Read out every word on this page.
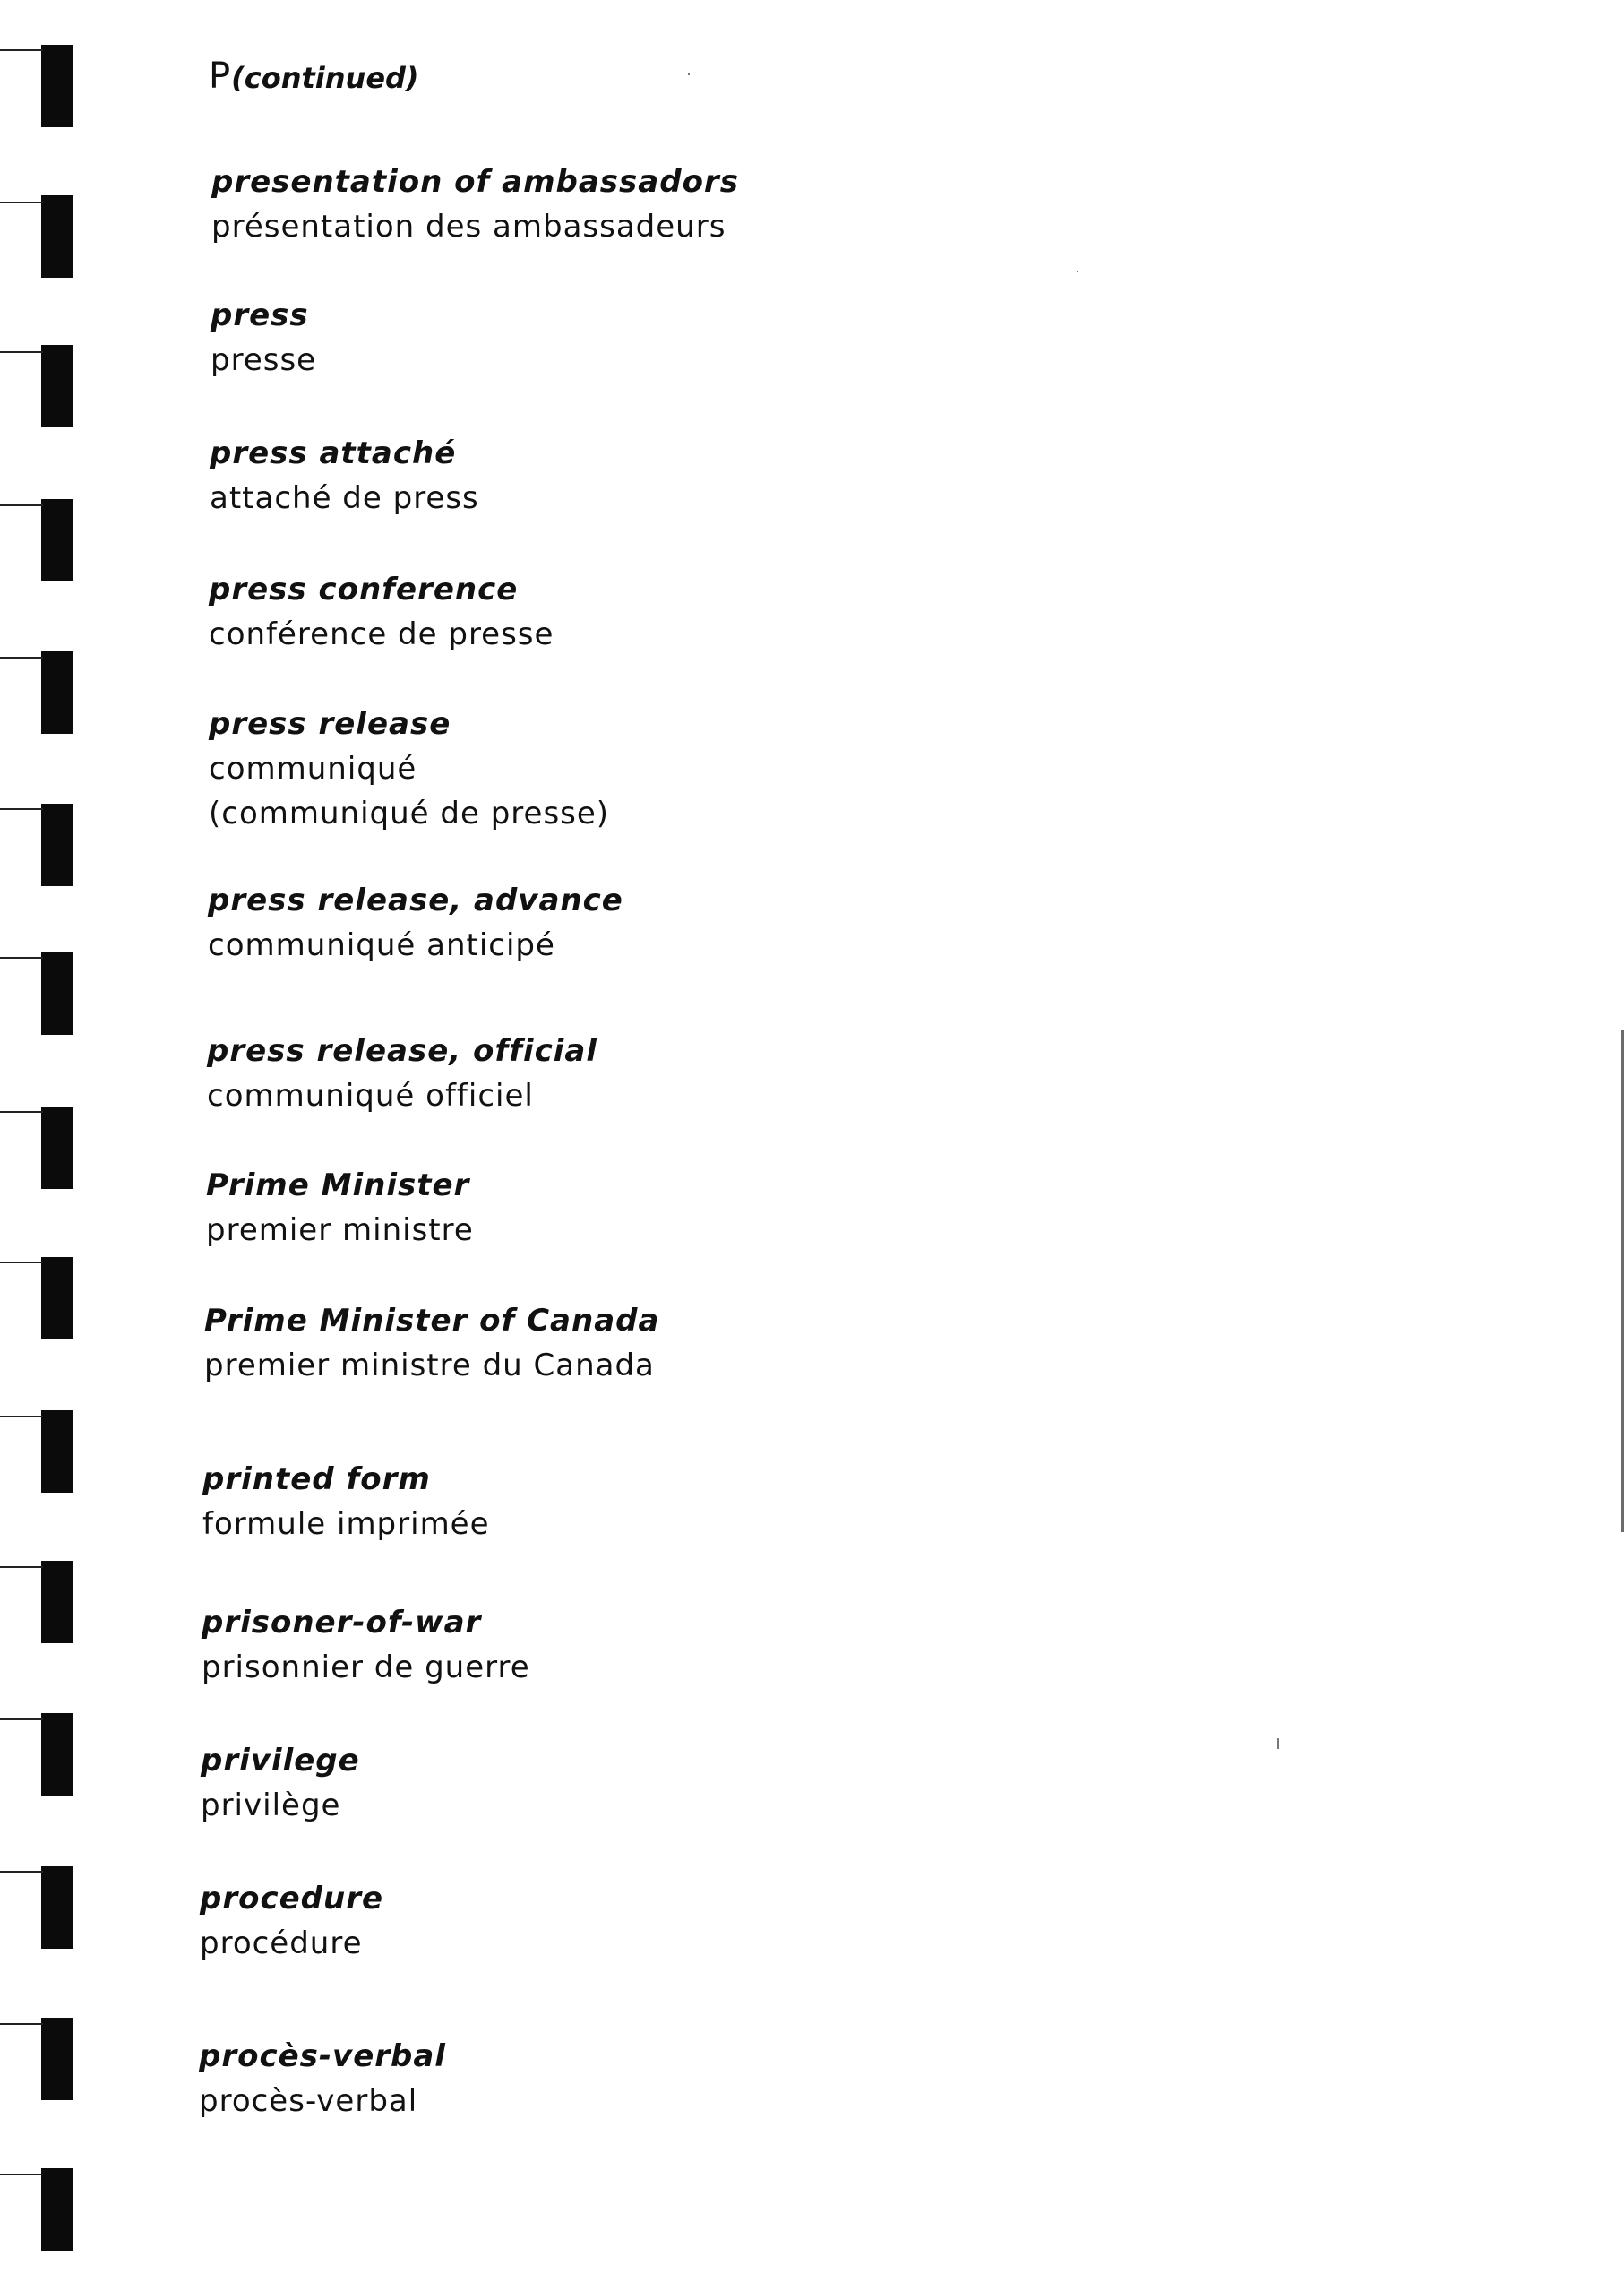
P(continued)
presentation of ambassadors
présentation des ambassadeurs
press
presse
press attaché
attaché de press
press conference
conférence de presse
press release
communiqué
(communiqué de presse)
press release, advance
communiqué anticipé
press release, official
communiqué officiel
Prime Minister
premier ministre
Prime Minister of Canada
premier ministre du Canada
printed form
formule imprimée
prisoner-of-war
prisonnier de guerre
privilege
privilège
procedure
procédure
procès-verbal
procès-verbal
